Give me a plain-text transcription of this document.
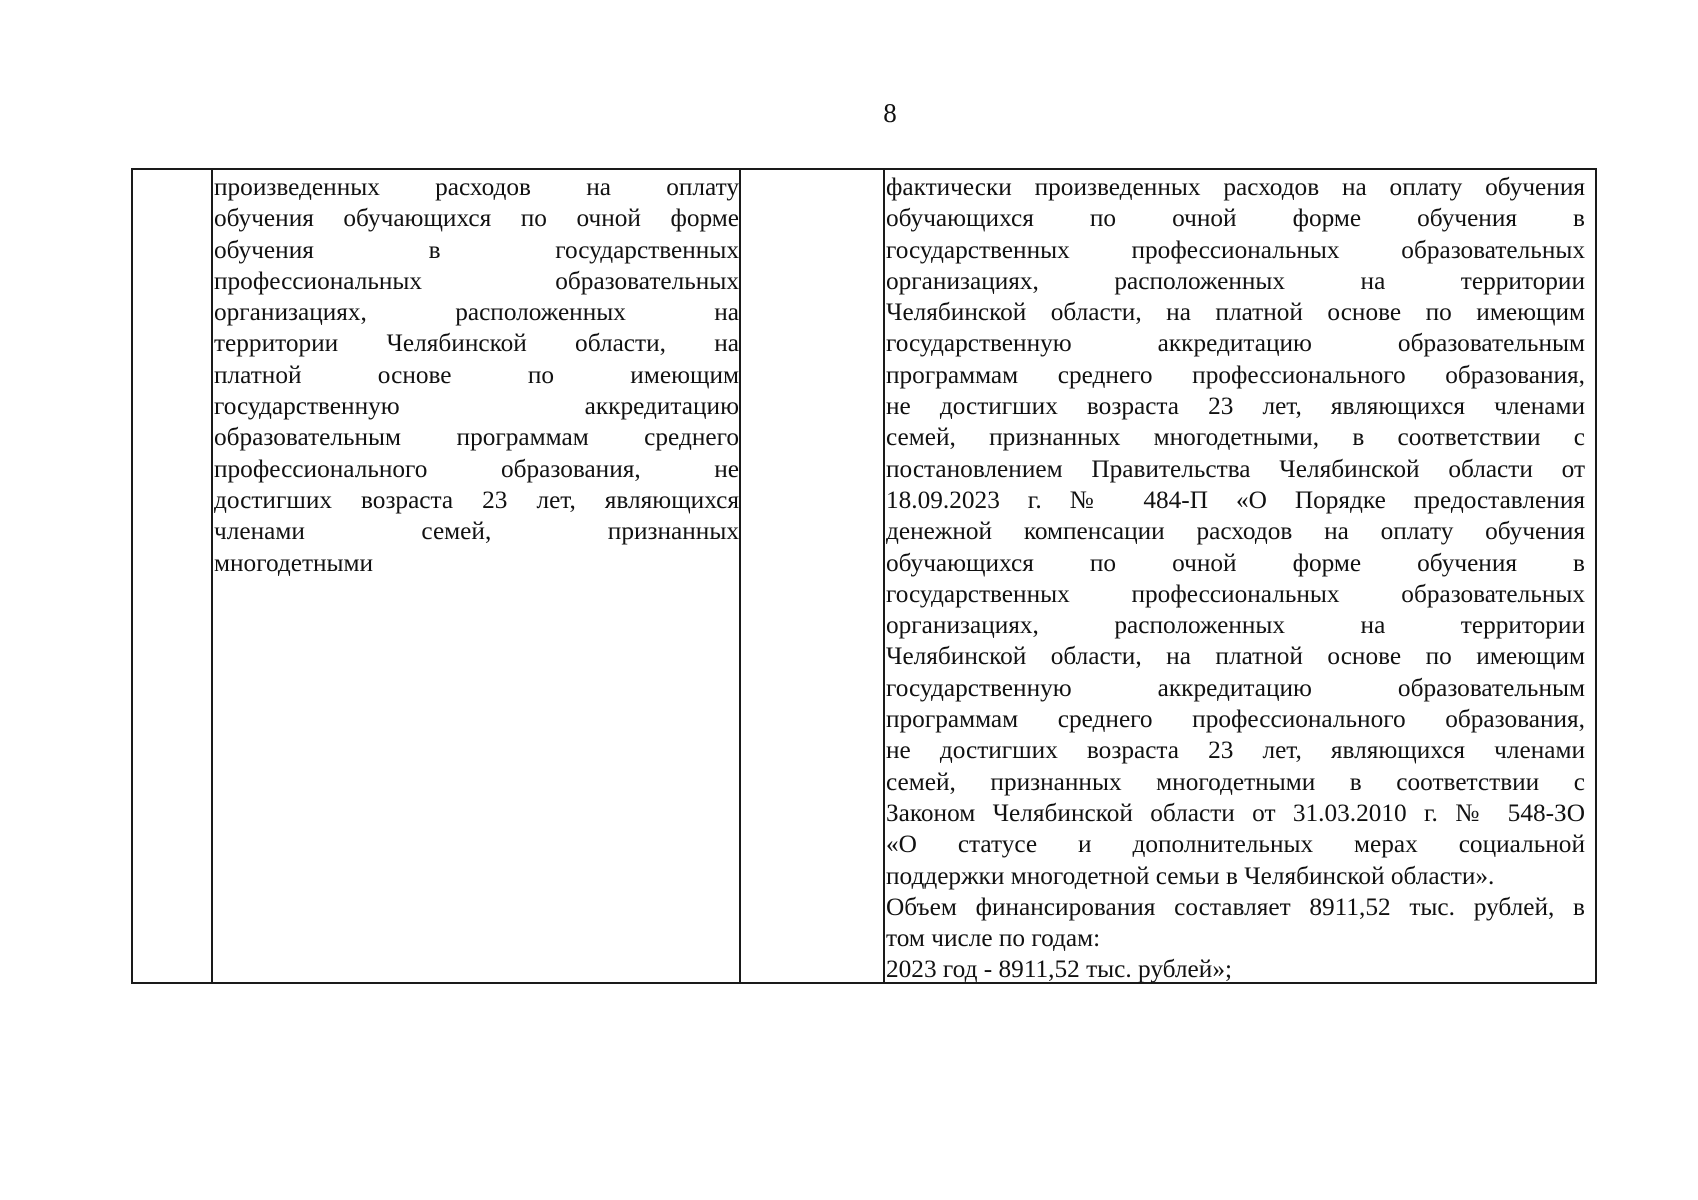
8

произведенных расходов на оплату
обучения обучающихся по очной форме
обучения в государственных
профессиональных образовательных
организациях, расположенных на
территории Челябинской области, на
платной основе по имеющим
государственную аккредитацию
образовательным программам среднего
профессионального образования, не
достигших возраста 23 лет, являющихся
членами семей, признанных
многодетными

фактически произведенных расходов на оплату обучения
обучающихся по очной форме обучения в
государственных профессиональных образовательных
организациях, расположенных на территории
Челябинской области, на платной основе по имеющим
государственную аккредитацию образовательным
программам среднего профессионального образования,
не достигших возраста 23 лет, являющихся членами
семей, признанных многодетными, в соответствии с
постановлением Правительства Челябинской области от
18.09.2023 г. № 484-П «О Порядке предоставления
денежной компенсации расходов на оплату обучения
обучающихся по очной форме обучения в
государственных профессиональных образовательных
организациях, расположенных на территории
Челябинской области, на платной основе по имеющим
государственную аккредитацию образовательным
программам среднего профессионального образования,
не достигших возраста 23 лет, являющихся членами
семей, признанных многодетными в соответствии с
Законом Челябинской области от 31.03.2010 г. № 548-ЗО
«О статусе и дополнительных мерах социальной
поддержки многодетной семьи в Челябинской области».
Объем финансирования составляет 8911,52 тыс. рублей, в
том числе по годам:
2023 год - 8911,52 тыс. рублей»;
